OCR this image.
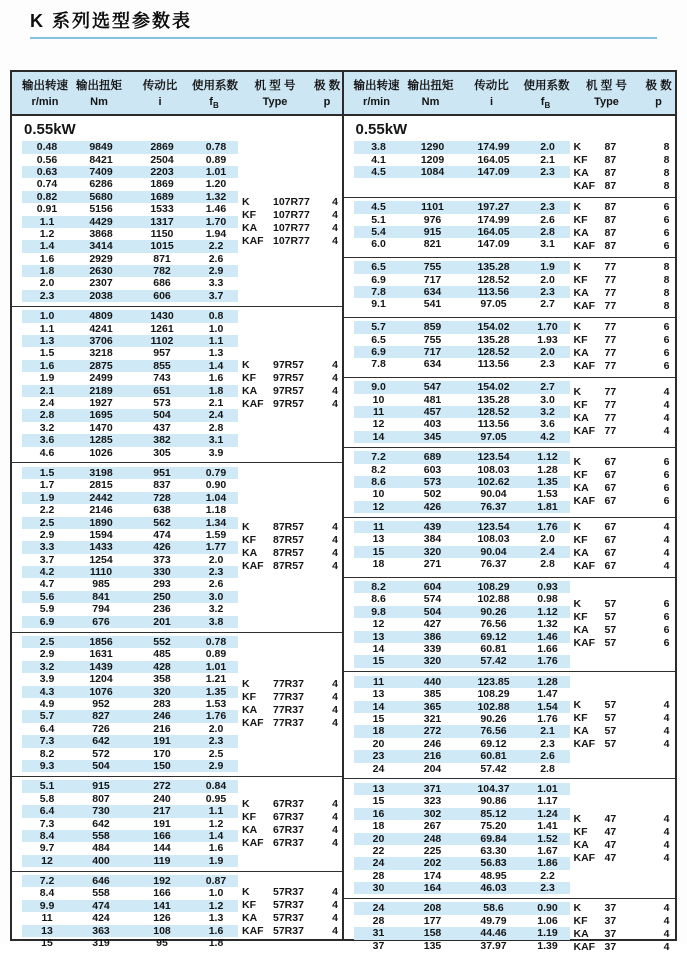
K 系列选型参数表
输出转速 输出扭矩	传动比	使用系数	机 型 号	极 数
r/min	Nm	i	$f_B$	Type	p
0.55kW
0.48	9849	2869	0.78
0.56	8421	2504	0.89
0.63	7409	2203	1.01
0.74	6286	1869	1.20
0.82	5680	1689	1.32
0.91	5156	1533	1.46
1.1	4429	1317	1.70
1.2	3868	1150	1.94
1.4	3414	1015	2.2
1.6	2929	871	2.6
1.8	2630	782	2.9
2.0	2307	686	3.3
2.3	2038	606	3.7
K	107R77	4
KF	107R77	4
KA	107R77	4
KAF 107R77	4
1.0	4809	1430	0.8
1.1	4241	1261	1.0
1.3	3706	1102	1.1
1.5	3218	957	1.3
1.6	2875	855	1.4
1.9	2499	743	1.6
2.1	2189	651	1.8
2.4	1927	573	2.1
2.8	1695	504	2.4
3.2	1470	437	2.8
3.6	1285	382	3.1
4.6	1026	305	3.9
K	97R57	4
KF	97R57	4
KA	97R57	4
KAF 97R57	4
1.5	3198	951	0.79
1.7	2815	837	0.90
1.9	2442	728	1.04
2.2	2146	638	1.18
2.5	1890	562	1.34
2.9	1594	474	1.59
3.3	1433	426	1.77
3.7	1254	373	2.0
4.2	1110	330	2.3
4.7	985	293	2.6
5.6	841	250	3.0
5.9	794	236	3.2
6.9	676	201	3.8
K	87R57	4
KF	87R57	4
KA	87R57	4
KAF 87R57	4
2.5	1856	552	0.78
2.9	1631	485	0.89
3.2	1439	428	1.01
3.9	1204	358	1.21
4.3	1076	320	1.35
4.9	952	283	1.53
5.7	827	246	1.76
6.4	726	216	2.0
7.3	642	191	2.3
8.2	572	170	2.5
9.3	504	150	2.9
K	77R37	4
KF	77R37	4
KA	77R37	4
KAF 77R37	4
5.1	915	272	0.84
5.8	807	240	0.95
6.4	730	217	1.1
7.3	642	191	1.2
8.4	558	166	1.4
9.7	484	144	1.6
12	400	119	1.9
K	67R37	4
KF	67R37	4
KA	67R37	4
KAF 67R37	4
7.2	646	192	0.87
8.4	558	166	1.0
9.9	474	141	1.2
11	424	126	1.3
13	363	108	1.6
15	319	95	1.8
K	57R37	4
KF	57R37	4
KA	57R37	4
KAF 57R37	4
输出转速 输出扭矩	传动比	使用系数	机 型 号	极 数
r/min	Nm	i	$f_B$	Type	p
0.55kW
3.8	1290	174.99	2.0
4.1	1209	164.05	2.1
4.5	1084	147.09	2.3
K	87	8
KF	87	8
KA	87	8
KAF 87	8
4.5	1101	197.27	2.3
5.1	976	174.99	2.6
5.4	915	164.05	2.8
6.0	821	147.09	3.1
K	87	6
KF	87	6
KA	87	6
KAF 87	6
6.5	755	135.28	1.9
6.9	717	128.52	2.0
7.8	634	113.56	2.3
9.1	541	97.05	2.7
K	77	8
KF	77	8
KA	77	8
KAF 77	8
5.7	859	154.02	1.70
6.5	755	135.28	1.93
6.9	717	128.52	2.0
7.8	634	113.56	2.3
K	77	6
KF	77	6
KA	77	6
KAF 77	6
9.0	547	154.02	2.7
10	481	135.28	3.0
11	457	128.52	3.2
12	403	113.56	3.6
14	345	97.05	4.2
K	77	4
KF	77	4
KA	77	4
KAF 77	4
7.2	689	123.54	1.12
8.2	603	108.03	1.28
8.6	573	102.62	1.35
10	502	90.04	1.53
12	426	76.37	1.81
K	67	6
KF	67	6
KA	67	6
KAF 67	6
11	439	123.54	1.76
13	384	108.03	2.0
15	320	90.04	2.4
18	271	76.37	2.8
K	67	4
KF	67	4
KA	67	4
KAF 67	4
8.2	604	108.29	0.93
8.6	574	102.88	0.98
9.8	504	90.26	1.12
12	427	76.56	1.32
13	386	69.12	1.46
14	339	60.81	1.66
15	320	57.42	1.76
K	57	6
KF	57	6
KA	57	6
KAF 57	6
11	440	123.85	1.28
13	385	108.29	1.47
14	365	102.88	1.54
15	321	90.26	1.76
18	272	76.56	2.1
20	246	69.12	2.3
23	216	60.81	2.6
24	204	57.42	2.8
K	57	4
KF	57	4
KA	57	4
KAF 57	4
13	371	104.37	1.01
15	323	90.86	1.17
16	302	85.12	1.24
18	267	75.20	1.41
20	248	69.84	1.52
22	225	63.30	1.67
24	202	56.83	1.86
28	174	48.95	2.2
30	164	46.03	2.3
K	47	4
KF	47	4
KA	47	4
KAF 47	4
24	208	58.6	0.90
28	177	49.79	1.06
31	158	44.46	1.19
37	135	37.97	1.39
K	37	4
KF	37	4
KA	37	4
KAF 37	4
